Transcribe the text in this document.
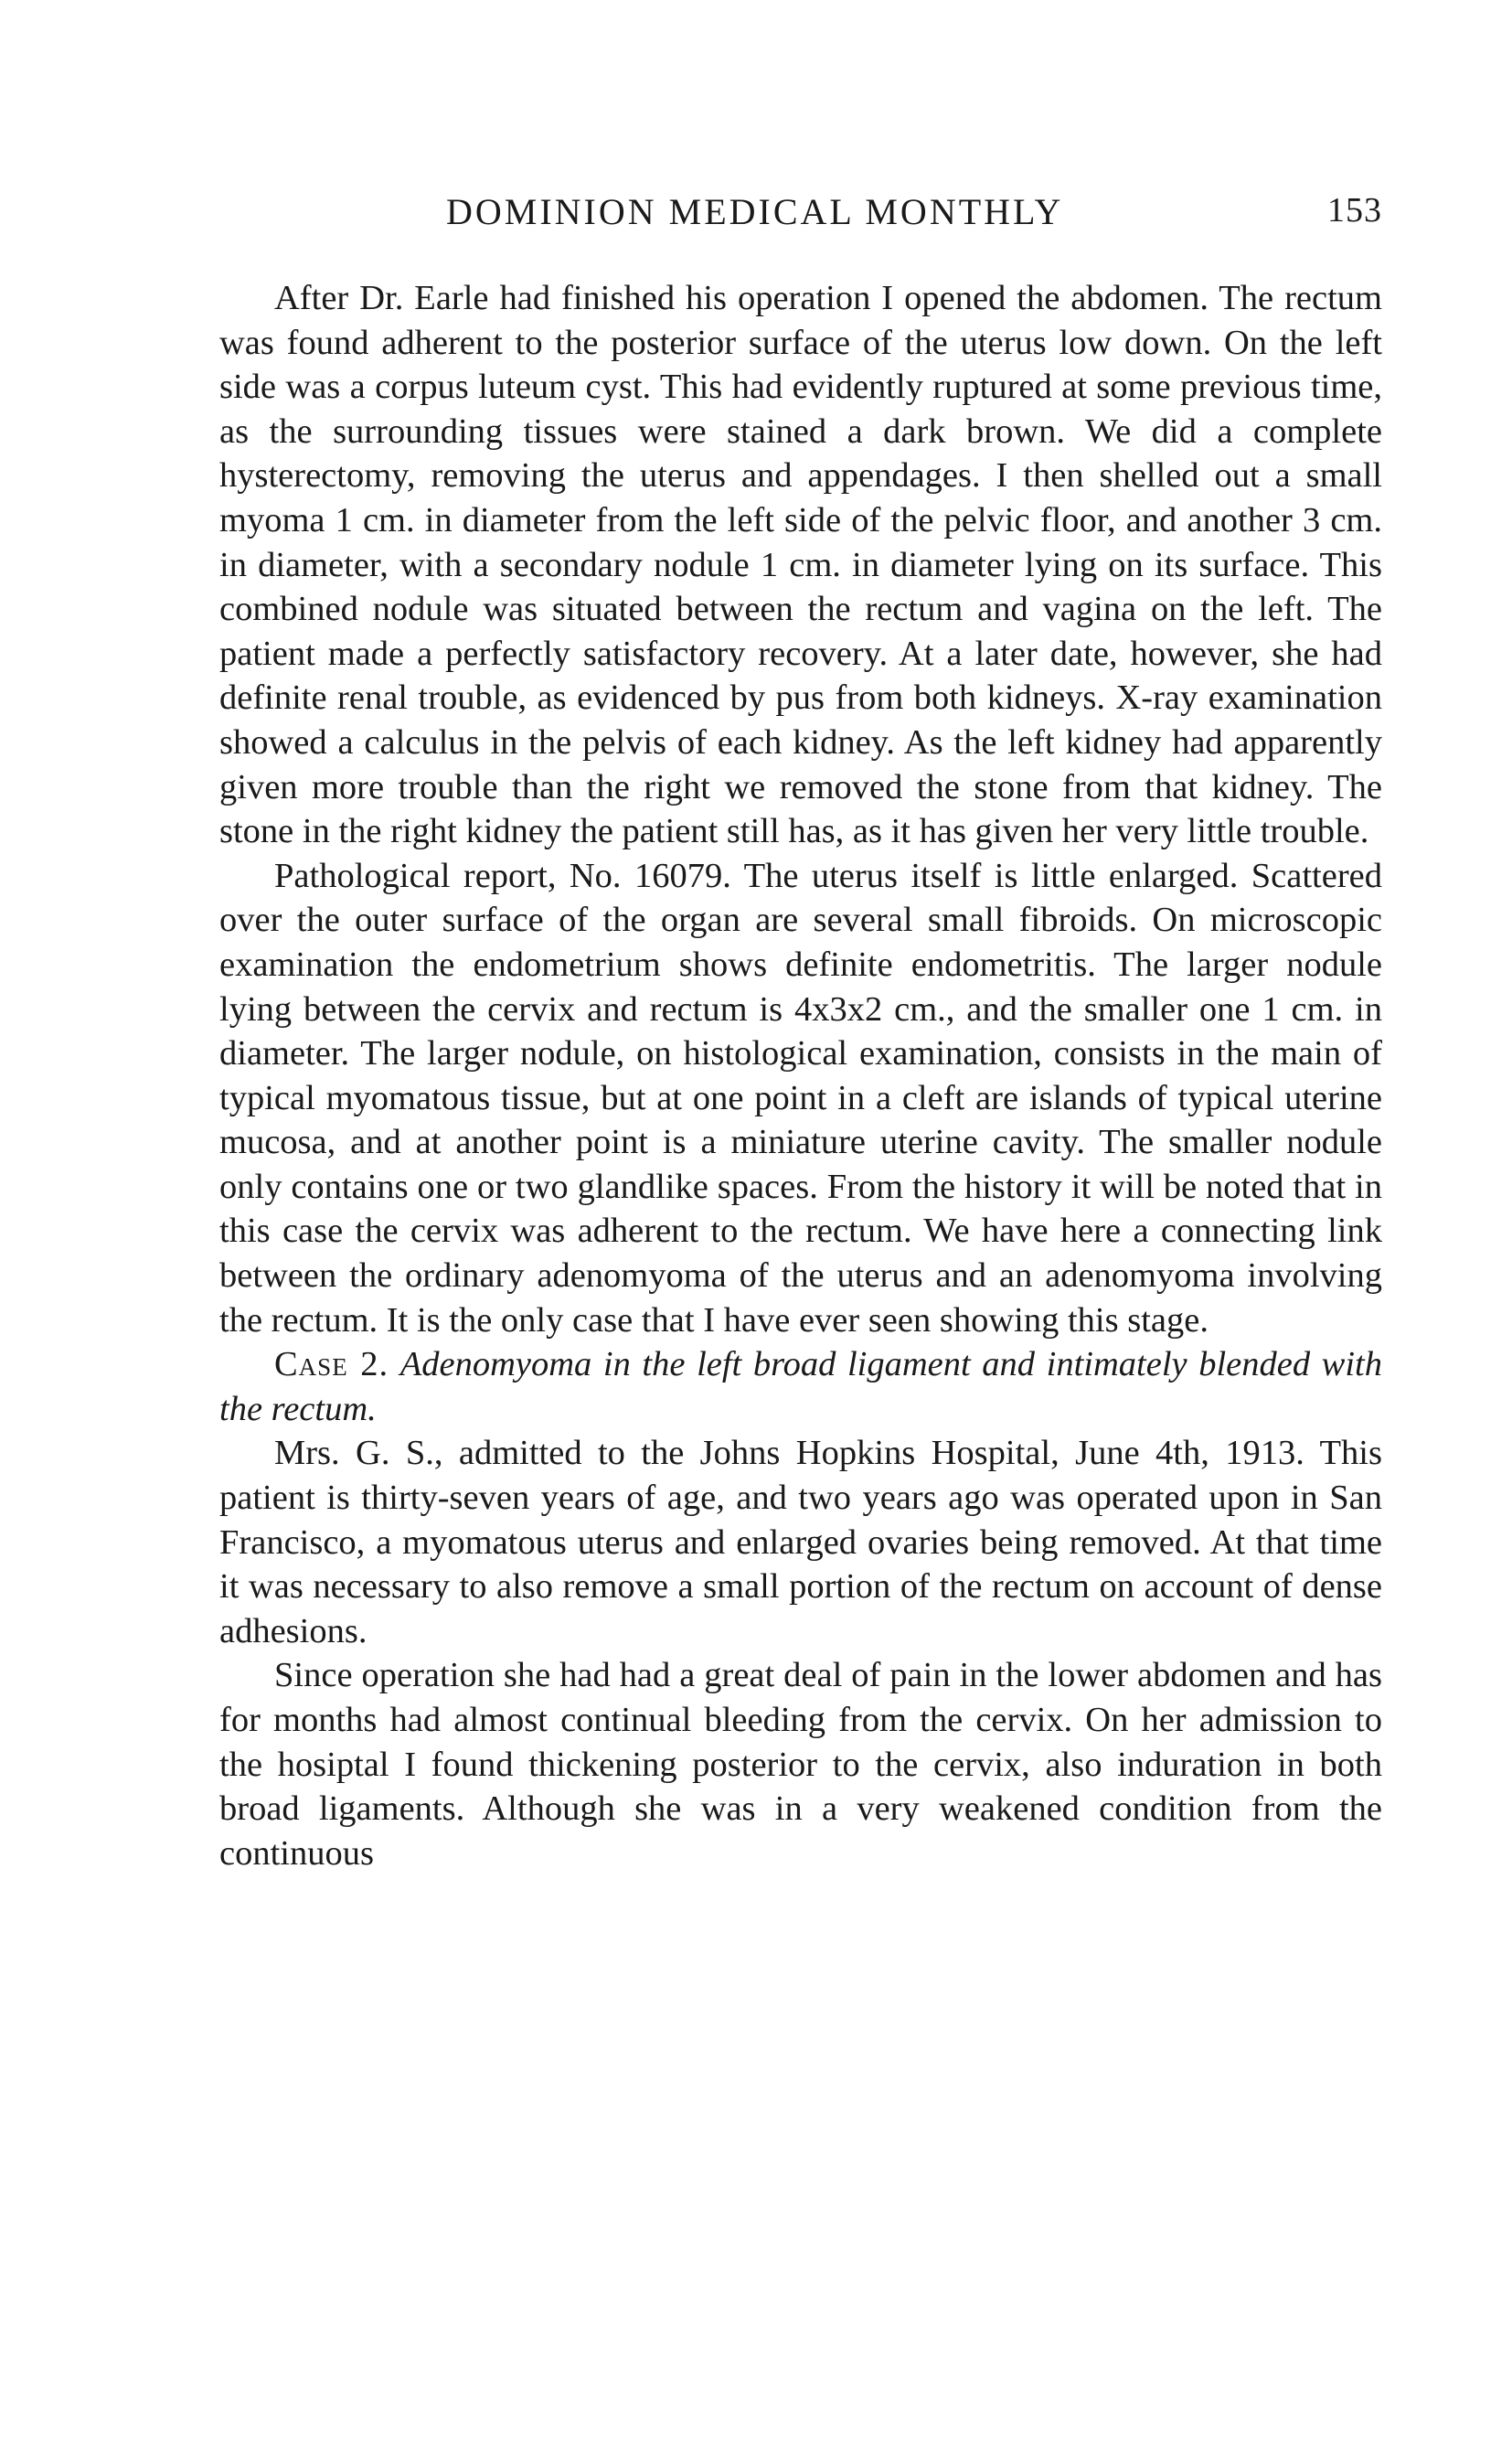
DOMINION MEDICAL MONTHLY	153

After Dr. Earle had finished his operation I opened the abdomen. The rectum was found adherent to the posterior surface of the uterus low down. On the left side was a corpus luteum cyst. This had evidently ruptured at some previous time, as the surrounding tissues were stained a dark brown. We did a complete hysterectomy, removing the uterus and appendages. I then shelled out a small myoma 1 cm. in diameter from the left side of the pelvic floor, and another 3 cm. in diameter, with a secondary nodule 1 cm. in diameter lying on its surface. This combined nodule was situated between the rectum and vagina on the left. The patient made a perfectly satisfactory recovery. At a later date, however, she had definite renal trouble, as evidenced by pus from both kidneys. X-ray examination showed a calculus in the pelvis of each kidney. As the left kidney had apparently given more trouble than the right we removed the stone from that kidney. The stone in the right kidney the patient still has, as it has given her very little trouble.

Pathological report, No. 16079. The uterus itself is little enlarged. Scattered over the outer surface of the organ are several small fibroids. On microscopic examination the endometrium shows definite endometritis. The larger nodule lying between the cervix and rectum is 4x3x2 cm., and the smaller one 1 cm. in diameter. The larger nodule, on histological examination, consists in the main of typical myomatous tissue, but at one point in a cleft are islands of typical uterine mucosa, and at another point is a miniature uterine cavity. The smaller nodule only contains one or two glandlike spaces. From the history it will be noted that in this case the cervix was adherent to the rectum. We have here a connecting link between the ordinary adenomyoma of the uterus and an adenomyoma involving the rectum. It is the only case that I have ever seen showing this stage.

Case 2. Adenomyoma in the left broad ligament and intimately blended with the rectum.

Mrs. G. S., admitted to the Johns Hopkins Hospital, June 4th, 1913. This patient is thirty-seven years of age, and two years ago was operated upon in San Francisco, a myomatous uterus and enlarged ovaries being removed. At that time it was necessary to also remove a small portion of the rectum on account of dense adhesions.

Since operation she had had a great deal of pain in the lower abdomen and has for months had almost continual bleeding from the cervix. On her admission to the hosiptal I found thickening posterior to the cervix, also induration in both broad ligaments. Although she was in a very weakened condition from the continuous
